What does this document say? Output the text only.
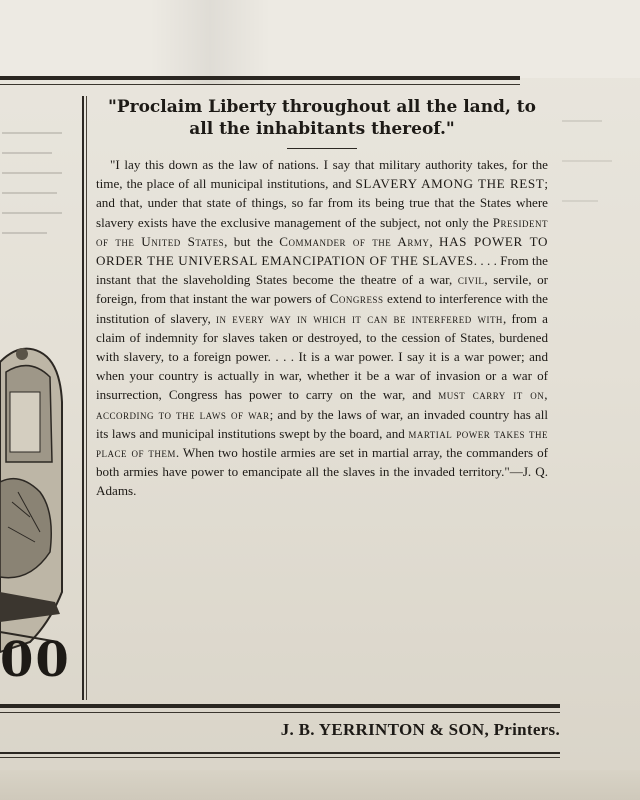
00

"Proclaim Liberty throughout all the land, to all the inhabitants thereof."

"I lay this down as the law of nations. I say that military authority takes, for the time, the place of all municipal institutions, and SLAVERY AMONG THE REST; and that, under that state of things, so far from its being true that the States where slavery exists have the exclusive management of the subject, not only the President of the United States, but the Commander of the Army, HAS POWER TO ORDER THE UNIVERSAL EMANCIPATION OF THE SLAVES. . . . From the instant that the slaveholding States become the theatre of a war, civil, servile, or foreign, from that instant the war powers of Congress extend to interference with the institution of slavery, in every way in which it can be interfered with, from a claim of indemnity for slaves taken or destroyed, to the cession of States, burdened with slavery, to a foreign power. . . . It is a war power. I say it is a war power; and when your country is actually in war, whether it be a war of invasion or a war of insurrection, Congress has power to carry on the war, and must carry it on, according to the laws of war; and by the laws of war, an invaded country has all its laws and municipal institutions swept by the board, and martial power takes the place of them. When two hostile armies are set in martial array, the commanders of both armies have power to emancipate all the slaves in the invaded territory."—J. Q. Adams.

J. B. YERRINTON & SON, Printers.
